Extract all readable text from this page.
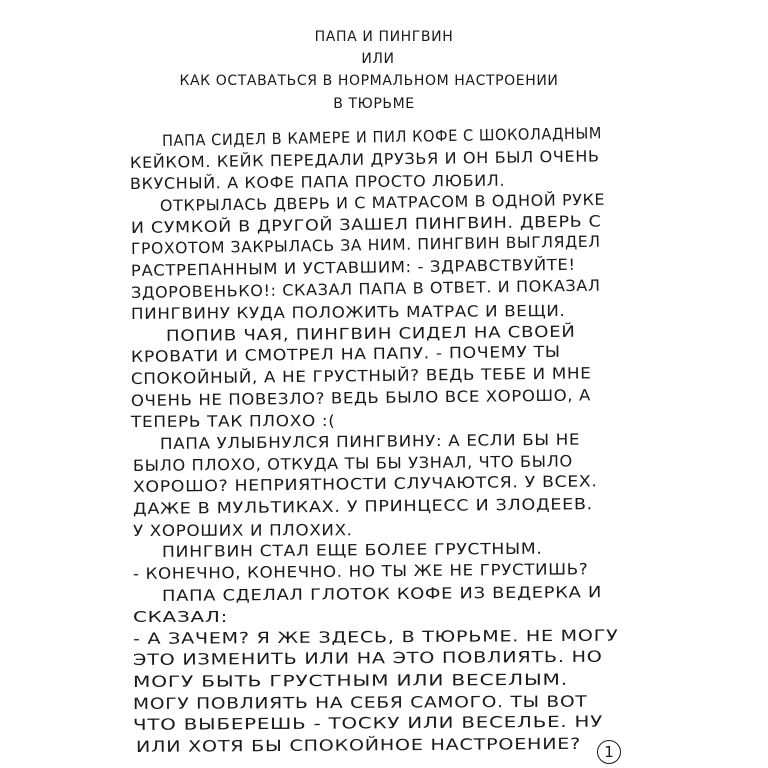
ПАПА И ПИНГВИН
ИЛИ
КАК ОСТАВАТЬСЯ В НОРМАЛЬНОМ НАСТРОЕНИИ
В ТЮРЬМЕ
ПАПА СИДЕЛ В КАМЕРЕ И ПИЛ КОФЕ С ШОКОЛАДНЫМ
КЕЙКОМ. КЕЙК ПЕРЕДАЛИ ДРУЗЬЯ И ОН БЫЛ ОЧЕНЬ
ВКУСНЫЙ. А КОФЕ ПАПА ПРОСТО ЛЮБИЛ.
ОТКРЫЛАСЬ ДВЕРЬ И С МАТРАСОМ В ОДНОЙ РУКЕ
И СУМКОЙ В ДРУГОЙ ЗАШЕЛ ПИНГВИН. ДВЕРЬ С
ГРОХОТОМ ЗАКРЫЛАСЬ ЗА НИМ. ПИНГВИН ВЫГЛЯДЕЛ
РАСТРЕПАННЫМ И УСТАВШИМ: - ЗДРАВСТВУЙТЕ!
ЗДОРОВЕНЬКО!: СКАЗАЛ ПАПА В ОТВЕТ. И ПОКАЗАЛ
ПИНГВИНУ КУДА ПОЛОЖИТЬ МАТРАС И ВЕЩИ.
ПОПИВ ЧАЯ, ПИНГВИН СИДЕЛ НА СВОЕЙ
КРОВАТИ И СМОТРЕЛ НА ПАПУ. - ПОЧЕМУ ТЫ
СПОКОЙНЫЙ, А НЕ ГРУСТНЫЙ? ВЕДЬ ТЕБЕ И МНЕ
ОЧЕНЬ НЕ ПОВЕЗЛО? ВЕДЬ БЫЛО ВСЕ ХОРОШО, А
ТЕПЕРЬ ТАК ПЛОХО :(
ПАПА УЛЫБНУЛСЯ ПИНГВИНУ: А ЕСЛИ БЫ НЕ
БЫЛО ПЛОХО, ОТКУДА ТЫ БЫ УЗНАЛ, ЧТО БЫЛО
ХОРОШО? НЕПРИЯТНОСТИ СЛУЧАЮТСЯ. У ВСЕХ.
ДАЖЕ В МУЛЬТИКАХ. У ПРИНЦЕСС И ЗЛОДЕЕВ.
У ХОРОШИХ И ПЛОХИХ.
ПИНГВИН СТАЛ ЕЩЕ БОЛЕЕ ГРУСТНЫМ.
- КОНЕЧНО, КОНЕЧНО. НО ТЫ ЖЕ НЕ ГРУСТИШЬ?
ПАПА СДЕЛАЛ ГЛОТОК КОФЕ ИЗ ВЕДЕРКА И
СКАЗАЛ:
- А ЗАЧЕМ? Я ЖЕ ЗДЕСЬ, В ТЮРЬМЕ. НЕ МОГУ
ЭТО ИЗМЕНИТЬ ИЛИ НА ЭТО ПОВЛИЯТЬ. НО
МОГУ БЫТЬ ГРУСТНЫМ ИЛИ ВЕСЕЛЫМ.
МОГУ ПОВЛИЯТЬ НА СЕБЯ САМОГО. ТЫ ВОТ
ЧТО ВЫБЕРЕШЬ - ТОСКУ ИЛИ ВЕСЕЛЬЕ. НУ
ИЛИ ХОТЯ БЫ СПОКОЙНОЕ НАСТРОЕНИЕ?	1
